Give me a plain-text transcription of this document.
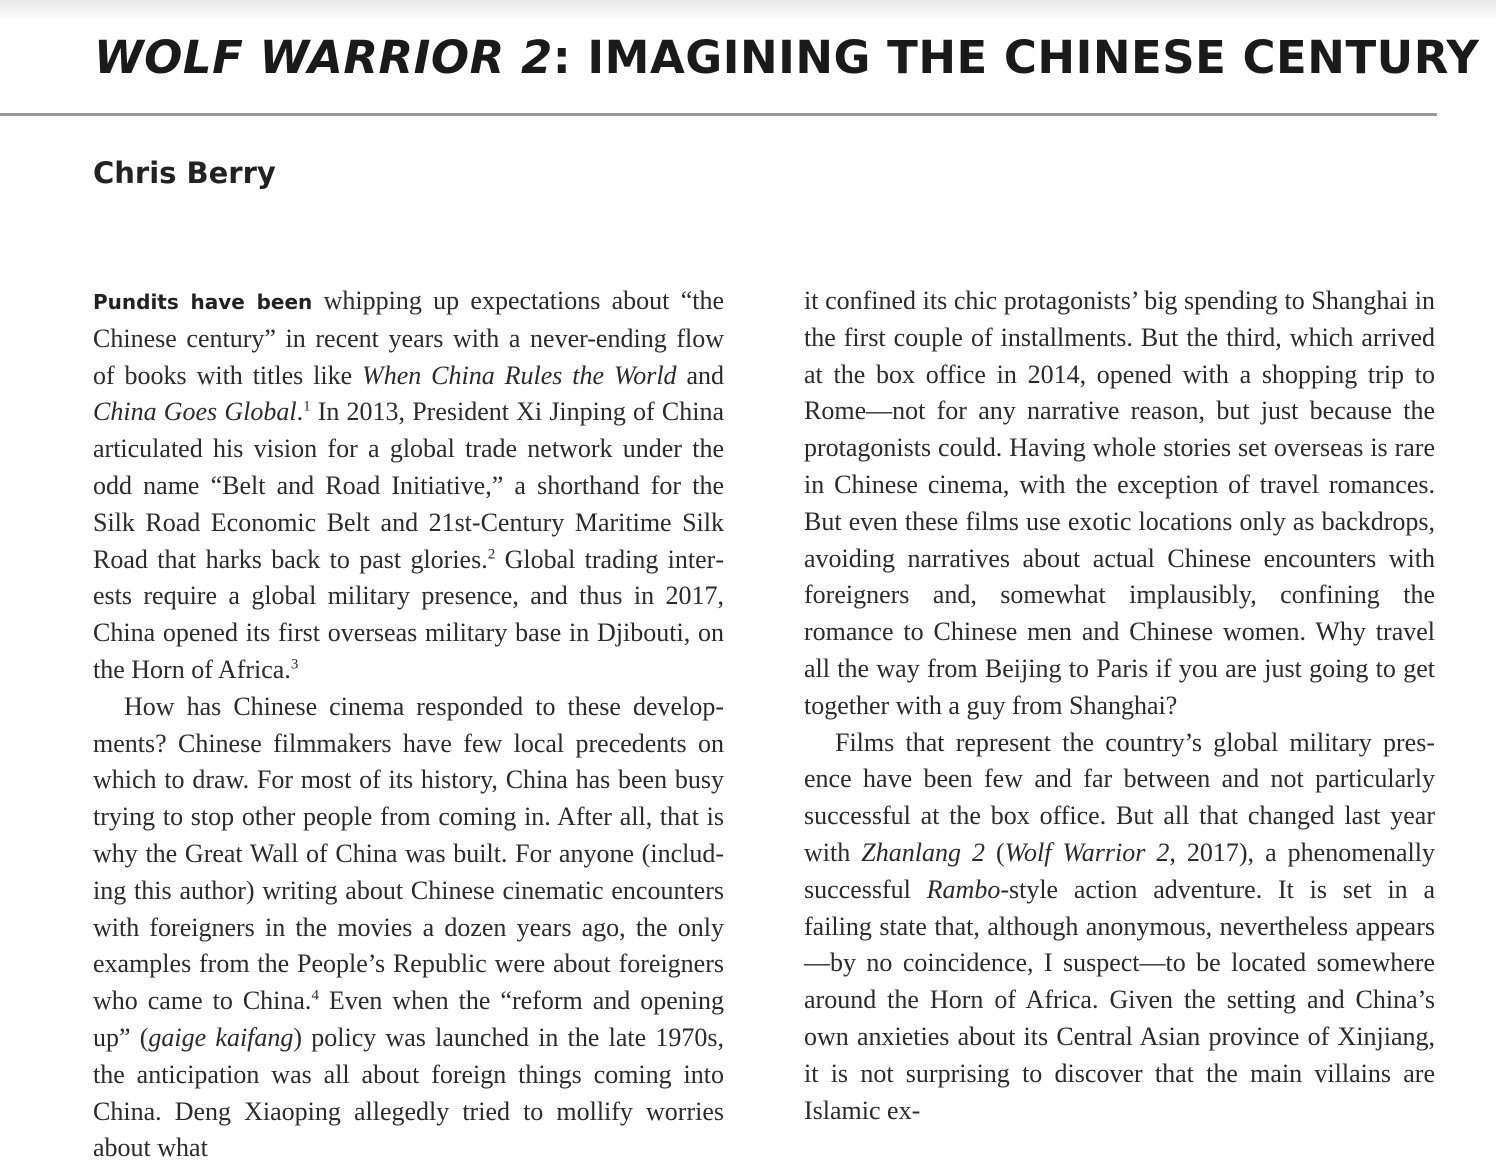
WOLF WARRIOR 2: IMAGINING THE CHINESE CENTURY
Chris Berry

Pundits have been whipping up expectations about “the Chinese century” in recent years with a never-ending flow of books with titles like When China Rules the World and China Goes Global.$^1$ In 2013, President Xi Jinping of China articulated his vision for a global trade network under the odd name “Belt and Road Initiative,” a shorthand for the Silk Road Economic Belt and 21st-Century Maritime Silk Road that harks back to past glories.$^2$ Global trading interests require a global military presence, and thus in 2017, China opened its first overseas military base in Djibouti, on the Horn of Africa.$^3$

How has Chinese cinema responded to these developments? Chinese filmmakers have few local precedents on which to draw. For most of its history, China has been busy trying to stop other people from coming in. After all, that is why the Great Wall of China was built. For anyone (including this author) writing about Chinese cinematic encounters with foreigners in the movies a dozen years ago, the only examples from the People’s Republic were about foreigners who came to China.$^4$ Even when the “reform and opening up” (gaige kaifang) policy was launched in the late 1970s, the anticipation was all about foreign things coming into China. Deng Xiaoping allegedly tried to mollify worries about what

it confined its chic protagonists’ big spending to Shanghai in the first couple of installments. But the third, which arrived at the box office in 2014, opened with a shopping trip to Rome—not for any narrative reason, but just because the protagonists could. Having whole stories set overseas is rare in Chinese cinema, with the exception of travel romances. But even these films use exotic locations only as backdrops, avoiding narratives about actual Chinese encounters with foreigners and, somewhat implausibly, confining the romance to Chinese men and Chinese women. Why travel all the way from Beijing to Paris if you are just going to get together with a guy from Shanghai?

Films that represent the country’s global military presence have been few and far between and not particularly successful at the box office. But all that changed last year with Zhanlang 2 (Wolf Warrior 2, 2017), a phenomenally successful Rambo-style action adventure. It is set in a failing state that, although anonymous, nevertheless appears—by no coincidence, I suspect—to be located somewhere around the Horn of Africa. Given the setting and China’s own anxieties about its Central Asian province of Xinjiang, it is not surprising to discover that the main villains are Islamic ex-
